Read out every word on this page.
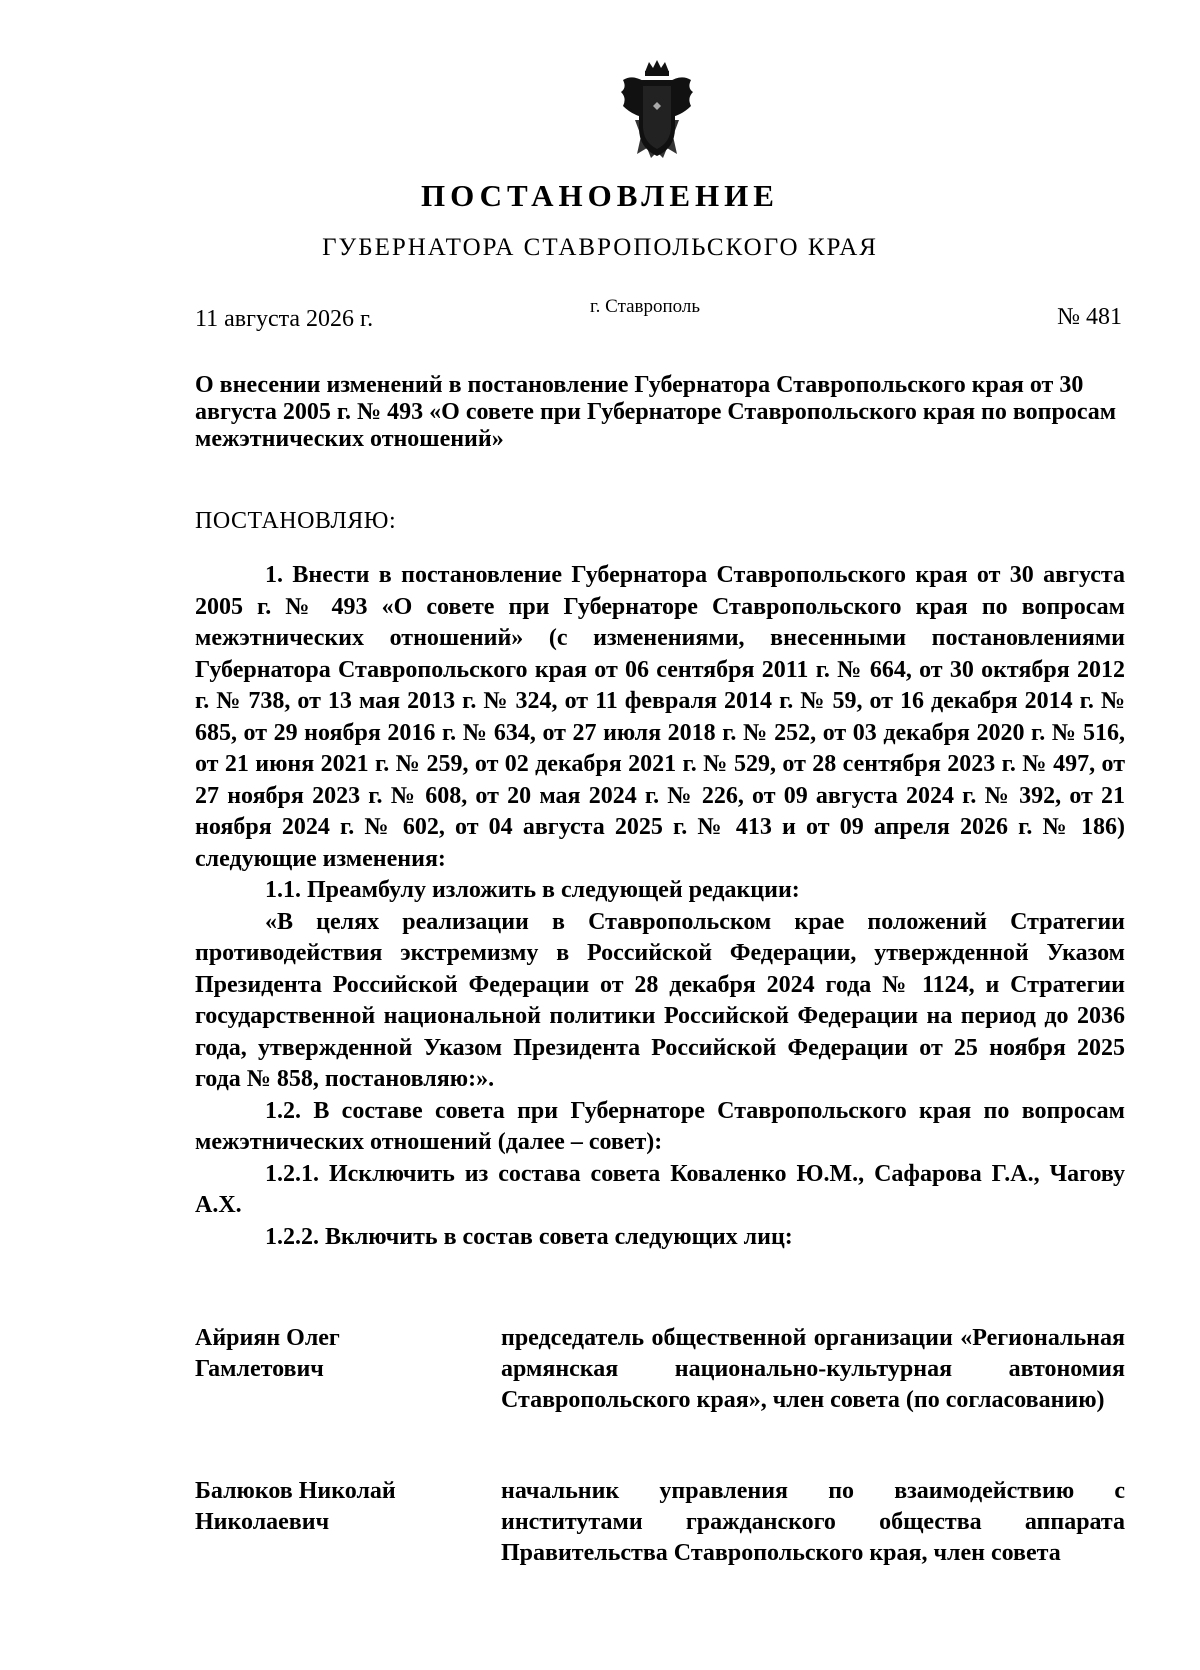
ПОСТАНОВЛЕНИЕ
ГУБЕРНАТОРА СТАВРОПОЛЬСКОГО КРАЯ
11 августа 2026 г.	г. Ставрополь	№ 481
О внесении изменений в постановление Губернатора Ставропольского края от 30 августа 2005 г. № 493 «О совете при Губернаторе Ставропольского края по вопросам межэтнических отношений»
ПОСТАНОВЛЯЮ:

1. Внести в постановление Губернатора Ставропольского края от 30 августа 2005 г. № 493 «О совете при Губернаторе Ставропольского края по вопросам межэтнических отношений» (с изменениями, внесенными постановлениями Губернатора Ставропольского края от 06 сентября 2011 г. № 664, от 30 октября 2012 г. № 738, от 13 мая 2013 г. № 324, от 11 февраля 2014 г. № 59, от 16 декабря 2014 г. № 685, от 29 ноября 2016 г. № 634, от 27 июля 2018 г. № 252, от 03 декабря 2020 г. № 516, от 21 июня 2021 г. № 259, от 02 декабря 2021 г. № 529, от 28 сентября 2023 г. № 497, от 27 ноября 2023 г. № 608, от 20 мая 2024 г. № 226, от 09 августа 2024 г. № 392, от 21 ноября 2024 г. № 602, от 04 августа 2025 г. № 413 и от 09 апреля 2026 г. № 186) следующие изменения:

1.1. Преамбулу изложить в следующей редакции:

«В целях реализации в Ставропольском крае положений Стратегии противодействия экстремизму в Российской Федерации, утвержденной Указом Президента Российской Федерации от 28 декабря 2024 года № 1124, и Стратегии государственной национальной политики Российской Федерации на период до 2036 года, утвержденной Указом Президента Российской Федерации от 25 ноября 2025 года № 858, постановляю:».

1.2. В составе совета при Губернаторе Ставропольского края по вопросам межэтнических отношений (далее – совет):

1.2.1. Исключить из состава совета Коваленко Ю.М., Сафарова Г.А., Чагову А.Х.

1.2.2. Включить в состав совета следующих лиц:

Айриян Олег
Гамлетович
председатель общественной организации «Региональная армянская национально-культурная автономия Ставропольского края», член совета (по согласованию)
Балюков Николай
Николаевич
начальник управления по взаимодействию с институтами гражданского общества аппарата Правительства Ставропольского края, член совета
